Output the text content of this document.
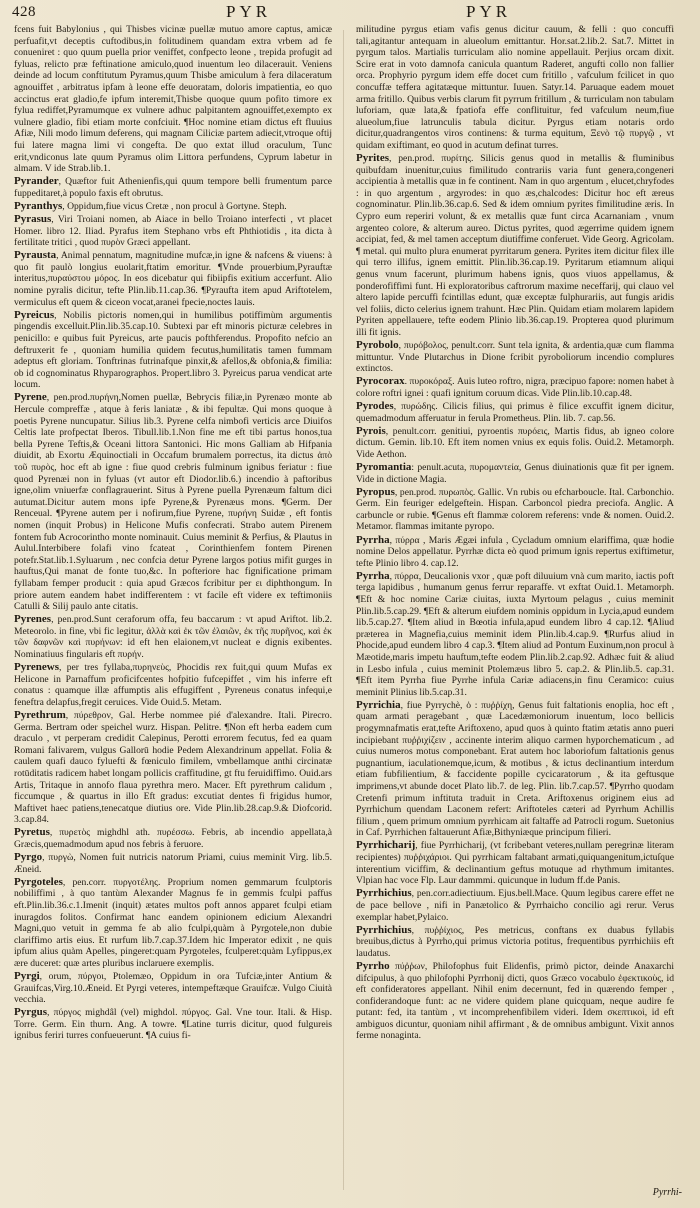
428	PYR	PYR

fcens fuit Babylonius , qui Thisbes vicinæ puellæ mutuo amore captus, amicæ perfuafit,vt deceptis cuftodibus,in folitudinem quandam extra vrbem ad fe conueniret : quo quum puella prior veniffet, confpecto leone , trepida profugit ad fyluas, relicto præ feftinatione amiculo,quod inuentum leo dilacerauit. Veniens deinde ad locum conftitutum Pyramus,quum Thisbe amiculum à fera dilaceratum agnouiffet , arbitratus ipfam à leone effe deuoratam, doloris impatientia, eo quo accinctus erat gladio,fe ipfum interemit,Thisbe quoque quum pofito timore ex fylua rediffet,Pyramumque ex vulnere adhuc palpitantem agnouiffet,exempto ex vulnere gladio, fibi etiam morte confciuit. ¶Hoc nomine etiam dictus eft fluuius Afiæ, Nili modo limum deferens, qui magnam Ciliciæ partem adiecit,vtroque oftij fui latere magna limi vi congefta. De quo extat illud oraculum, Tunc erit,vndiconus late quum Pyramus olim Littora perfundens, Cyprum labetur in almam. V ide Strab.lib.1.

Pyrander, Quæftor fuit Athenienfis,qui quum tempore belli frumentum parce fuppeditaret,à populo faxis eft obrutus.

Pyranthys, Oppidum,fiue vicus Cretæ , non procul à Gortyne. Steph.

Pyrasus, Viri Troiani nomen, ab Aiace in bello Troiano interfecti , vt placet Homer. libro 12. Iliad. Pyrafus item Stephano vrbs eft Phthiotidis , ita dicta à fertilitate tritici , quod πυρὸν Græci appellant.

Pyrausta, Animal pennatum, magnitudine mufcæ,in igne & nafcens & viuens: à quo fit paulò longius euolarit,ftatim emoritur. ¶Vnde prouerbium,Pyrauftæ interitus,πυραύστου μόρος. In eos dicebatur qui fibiipfis exitium accerfunt. Alio nomine pyralis dicitur, tefte Plin.lib.11.cap.36. ¶Pyraufta item apud Ariftotelem, vermiculus eft quem & ciceon vocat,aranei fpecie,noctes lauis.

Pyreicus, Nobilis pictoris nomen,qui in humilibus potiffimùm argumentis pingendis excelluit.Plin.lib.35.cap.10. Subtexi par eft minoris picturæ celebres in penicillo: e quibus fuit Pyreicus, arte paucis pofthferendus. Propofito nefcio an deftruxerit fe , quoniam humilia quidem fecutus,humilitatis tamen fummam adeptus eft gloriam. Tonftrinas futrinafque pinxit,& afellos,& obfonia,& fimilia: ob id cognominatus Rhyparographos. Propert.libro 3. Pyreicus parua vendicat arte locum.

Pyrene, pen.prod.πυρήνη,Nomen puellæ, Bebrycis filiæ,in Pyrenæo monte ab Hercule compreffæ , atque à feris laniatæ , & ibi fepultæ. Qui mons quoque à poetis Pyrene nuncupatur. Silius lib.3. Pyrene celfa nimbofi verticis arce Diuifos Celtis late profpectat Iberos. Tibull.lib.1.Non fine me eft tibi partus honos,tua bella Pyrene Teftis,& Oceani littora Santonici. Hic mons Galliam ab Hifpania diuidit, ab Exortu Æquinoctiali in Occafum brumalem porrectus, ita dictus ἀπὸ τοῦ πυρὸς, hoc eft ab igne : fiue quod crebris fulminum ignibus feriatur : fiue quod Pyrenæi non in fyluas (vt autor eft Diodor.lib.6.) incendio à paftoribus igne,olim vniuerfæ conflagrauerint. Situs à Pyrene puella Pyrenæum faltum dici autumat.Dicitur autem mons ipfe Pyrene,& Pyrenæus mons. ¶Germ. Der Renceual. ¶Pyrene autem per i nofirum,fiue Pyrene, πυρήνη Suidæ , eft fontis nomen (inquit Probus) in Helicone Mufis confecrati. Strabo autem Pirenem fontem fub Acrocorintho monte nominauit. Cuius meminit & Perfius, & Plautus in Aulul.Interbibere folafi vino fcateat , Corinthienfem fontem Pirenen potefr.Stat.lib.1.Syluarum , nec confcia detur Pyrene largos potius mifit gurges in hauftus,Qui manat de fonte tuo,&c. In pofteriore hac fignificatione primam fyllabam femper producit : quia apud Græcos fcribitur per ει diphthongum. In priore autem eandem habet indifferentem : vt facile eft videre ex teftimoniis Catulli & Silij paulo ante citatis.

Pyrenes, pen.prod.Sunt ceraforum offa, feu baccarum : vt apud Ariftot. lib.2. Meteorolo. in fine, vbi fic legitur, ἀλλὰ καὶ ἐκ τῶν ἐλαιῶν, ἐκ τῆς πυρῆνος, καὶ ἐκ τῶν δαφνῶν καὶ πυρήνων: id eft hen elaionem,vt nucleat e dignis exibentes. Nominatiuus fingularis eft πυρήν.

Pyrenews, per tres fyllaba,πυρηνεὺς, Phocidis rex fuit,qui quum Mufas ex Helicone in Parnaffum proficifcentes hofpitio fufcepiffet , vim his inferre eft conatus : quamque illæ affumptis alis effugiffent , Pyreneus conatus infequi,e feneftra delapfus,fregit ceruices. Vide Ouid.5. Metam.

Pyrethrum, πύρεθρον, Gal. Herbe nommee pié d'alexandre. Itali. Pirecro. Germa. Bertram oder speichel wurz. Hispan. Pelitre. ¶Non eft herba eadem cum draculo , vt perperam credidit Calepinus, Perotti errorem fecutus, fed ea quam Romani falivarem, vulgus Gallorū hodie Pedem Alexandrinum appellat. Folia & caulem quafi dauco fyluefti & fœniculo fimilem, vmbellamque anthi circinatæ rotūditatis radicem habet longam pollicis craffitudine, gt ftu feruidiffimo. Ouid.ars Artis, Tritaque in annofo flaua pyrethra mero. Macer. Eft pyrethrum calidum , ficcumque , & quartus in illo Eft gradus: excutiat dentes fi frigidus humor, Maftivet haec patiens,tenecatque diutius ore. Vide Plin.lib.28.cap.9.& Diofcorid. 3.cap.84.

Pyretus, πυρετὸς mighdhl ath. πυρέσσω. Febris, ab incendio appellata,à Græcis,quemadmodum apud nos febris à feruore.

Pyrgo, πυργὼ, Nomen fuit nutricis natorum Priami, cuius meminit Virg. lib.5. Æneid.

Pyrgoteles, pen.corr. πυργοτέλης. Proprium nomen gemmarum fculptoris nobiliffimi , à quo tantùm Alexander Magnus fe in gemmis fculpi paffus eft.Plin.lib.36.c.1.Imenit (inquit) ætates multos poft annos apparet fculpi etiam inuragdos folitos. Confirmat hanc eandem opinionem edicium Alexandri Magni,quo vetuit in gemma fe ab alio fculpi,quàm à Pyrgotele,non dubie clariffimo artis eius. Et rurfum lib.7.cap.37.Idem hic Imperator edixit , ne quis ipfum alius quàm Apelles, pingeret:quam Pyrgoteles, fculperet:quàm Lyfippus,ex ære duceret: quæ artes pluribus inclaruere exemplis.

Pyrgi, orum, πύργοι, Ptolemæo, Oppidum in ora Tufciæ,inter Antium & Grauifcas,Virg.10.Æneid. Et Pyrgi veteres, intempeftæque Grauifcæ. Vulgo Ciuità vecchia.

Pyrgus, πύργος mighdâl (vel) mighdol. πύργος. Gal. Vne tour. Itali. & Hisp. Torre. Germ. Ein thurn. Ang. A towre. ¶Latine turris dicitur, quod fulgureis ignibus feriri turres confueuerunt. ¶A cuius fi-

militudine pyrgus etiam vafis genus dicitur cauum, & felli : quo concuffi tali,agitantur antequam in alueolum emittantur. Hor.sat.2.lib.2. Sat.7. Mittet in pyrgum talos. Martialis turriculam alio nomine appellauit. Perjius orcam dixit. Scire erat in voto damnofa canicula quantum Raderet, angufti collo non fallier orca. Prophyrio pyrgum idem effe docet cum fritillo , vafculum fcilicet in quo concuffæ teffera agitatæque mittuntur. Iuuen. Satyr.14. Paruaque eadem mouet arma fritillo. Quibus verbis clarum fit pyrrum fritillum , & turriculam non tabulam luforiam, quæ lata,& fpatiofa effe conflituitur, fed vafculum neum,fiue alueolum,fiue latrunculis tabula dicitur. Pyrgus etiam notaris ordo dicitur,quadrangentos viros continens: & turma equitum, Ξενὸ τῷ πυργῷ , vt quidam exiftimant, eo quod in acutum definat turres.

Pyrites, pen.prod. πυρίτης. Silicis genus quod in metallis & fluminibus quibufdam inuenitur,cuius fimilitudo contrariis varia funt genera,congeneri accipientia à metallis quæ in fe continent. Nam in quo argentum , elucet,chryfodes : in quo argentum , argyrodes: in quo æs,chalcodes: Dicitur hoc eft æreus cognominatur. Plin.lib.36.cap.6. Sed & idem omnium pyrites fimilitudine æris. In Cypro eum reperiri volunt, & ex metallis quæ funt circa Acarnaniam , vnum argenteo colore, & alterum aureo. Dictus pyrites, quod ægerrime quidem ignem accipiat, fed, & mel tamen acceptum diutiffime conferuet. Vide Georg. Agricolam. ¶ metal. qui multo plura enumerat pyrritarum genera. Pyrites item dicitur filex ille qui terro illifus, ignem emittit. Plin.lib.36.cap.19. Pyritarum etiamnum aliqui genus vnum facerunt, plurimum habens ignis, quos viuos appellamus, & ponderofiffimi funt. Hi exploratoribus caftrorum maxime neceffarij, qui clauo vel altero lapide percuffi fcintillas edunt, quæ exceptæ fulphurariis, aut fungis aridis vel foliis, dicto celerius ignem trahunt. Hæc Plin. Quidam etiam molarem lapidem Pyriten appellauere, tefte eodem Plinio lib.36.cap.19. Propterea quod plurimum illi fit ignis.

Pyrobolo, πυρόβολος, penult.corr. Sunt tela ignita, & ardentia,quæ cum flamma mittuntur. Vnde Plutarchus in Dione fcribit pyroboliorum incendio complures extinctos.

Pyrocorax. πυροκόραξ. Auis luteo roftro, nigra, præcipuo fapore: nomen habet à colore roftri ignei : quafi ignitum coruum dicas. Vide Plin.lib.10.cap.48.

Pyrodes, πυρώδης. Cilicis filius, qui primus è filice excuffit ignem dicitur, quemadmodum afferuatur in ferula Prometheus. Plin. lib. 7. cap.56.

Pyrois, penult.corr. genitiui, pyroentis πυρόεις, Martis fidus, ab igneo colore dictum. Gemin. lib.10. Eft item nomen vnius ex equis folis. Ouid.2. Metamorph. Vide Aethon.

Pyromantia: penult.acuta, πυρομαντεία, Genus diuinationis quæ fit per ignem. Vide in dictione Magia.

Pyropus, pen.prod. πυρωπὸς. Gallic. Vn rubis ou efcharboucle. Ital. Carbonchio. Germ. Ein feuriger edelgeftein. Hispan. Carboncol piedra preciofa. Anglic. A carbuncle or rubie. ¶Genus eft flammæ colorem referens: vnde & nomen. Ouid.2. Metamor. flammas imitante pyropo.

Pyrrha, πύρρα , Maris Ægæi infula , Cycladum omnium elariffima, quæ hodie nomine Delos appellatur. Pyrrhæ dicta eò quod primum ignis repertus exiftimetur, tefte Plinio libro 4. cap.12.

Pyrrha, πύρρα, Deucalionis vxor , quæ poft diluuium vnà cum marito, iactis poft terga lapidibus , humanum genus ferrur reparaffe. vt exftat Ouid.1. Metamorph. ¶Eft & hoc nomine Cariæ ciuitas, iuxta Myrtoum pelagus , cuius meminit Plin.lib.5.cap.29. ¶Eft & alterum eiufdem nominis oppidum in Lycia,apud eundem lib.5.cap.27. ¶Item aliud in Bœotia infula,apud eundem libro 4 cap.12. ¶Aliud præterea in Magnefia,cuius meminit idem Plin.lib.4.cap.9. ¶Rurfus aliud in Phocide,apud eundem libro 4 cap.3. ¶Item aliud ad Pontum Euxinum,non procul à Mæotide,maris impetu hauftum,tefte eodem Plin.lib.2.cap.92. Adhæc fuit & aliud in Lesbo infula , cuius meminit Ptolemæus libro 5. cap.2. & Plin.lib.5. cap.31. ¶Eft item Pyrrha fiue Pyrrhe infula Cariæ adiacens,in finu Ceramico: cuius meminit Plinius lib.5.cap.31.

Pyrrichia, fiue Pyrrychè, ὁ : πυῤῥίχη, Genus fuit faltationis enoplia, hoc eft , quam armati peragebant , quæ Lacedæmoniorum inuentum, loco bellicis progymnafmatis erat,tefte Ariftoxeno, apud quos à quinto ftatim ætatis anno pueri incipiebant πυῤῥιχίζειν , accinente interim aliquo carmen hyporchematicum , ad cuius numeros motus componebant. Erat autem hoc laboriofum faltationis genus pugnantium, iaculationemque,icum, & motibus , & ictus declinantium interdum etiam fubfilientium, & faccidente popille cycicaratorum , & ita geftusque imprimens,vt abunde docet Plato lib.7. de leg. Plin. lib.7.cap.57. ¶Pyrrho quodam Cretenfi primum inftituta traduit in Creta. Ariftoxenus originem eius ad Pyrrhichum quendam Laconem refert: Ariftoteles cæteri ad Pyrrhum Achillis filium , quem primum omnium pyrrhicam ait faltaffe ad Patrocli rogum. Suetonius in Caf. Pyrrhichen faltauerunt Afiæ,Bithyniæque principum filieri.

Pyrrhicharij, fiue Pyrrhicharij, (vt fcribebant veteres,nullam peregrinæ literam recipientes) πυῤῥιχάριοι. Qui pyrrhicam faltabant armati,quiquangenitum,ictuſque interentium viciffim, & declinantium geftus motuque ad rhythmum imitantes. Vlpian hac voce Flp. Laur dammmi. quicunque in ludum ff.de Panis.

Pyrrhichius, pen.corr.adiectiuum. Ejus.bell.Mace. Quum legibus carere effet ne de pace bellove , nifi in Panætolico & Pyrrhaicho concilio agi rerur. Verus exemplar habet,Pylaico.

Pyrrhichius, πυῤῥίχιος, Pes metricus, conftans ex duabus fyllabis breuibus,dictus à Pyrrho,qui primus victoria potitus, frequentibus pyrrhichiis eft laudatus.

Pyrrho πύῤῥων, Philofophus fuit Elidenfis, primò pictor, deinde Anaxarchi difcipulus, à quo philofophi Pyrrhonij dicti, quos Græco vocabulo ἐφεκτικοὺς, id eft confideratores appellant. Nihil enim decernunt, fed in quærendo femper , confiderandoque funt: ac ne videre quidem plane quicquam, neque audire fe putant: fed, ita tantùm , vt incomprehenfibilem videri. Idem σκεπτικοὶ, id eft ambiguos dicuntur, quoniam nihil affirmant , & de omnibus ambigunt. Vixit annos ferme nonaginta.

Pyrrhi-
